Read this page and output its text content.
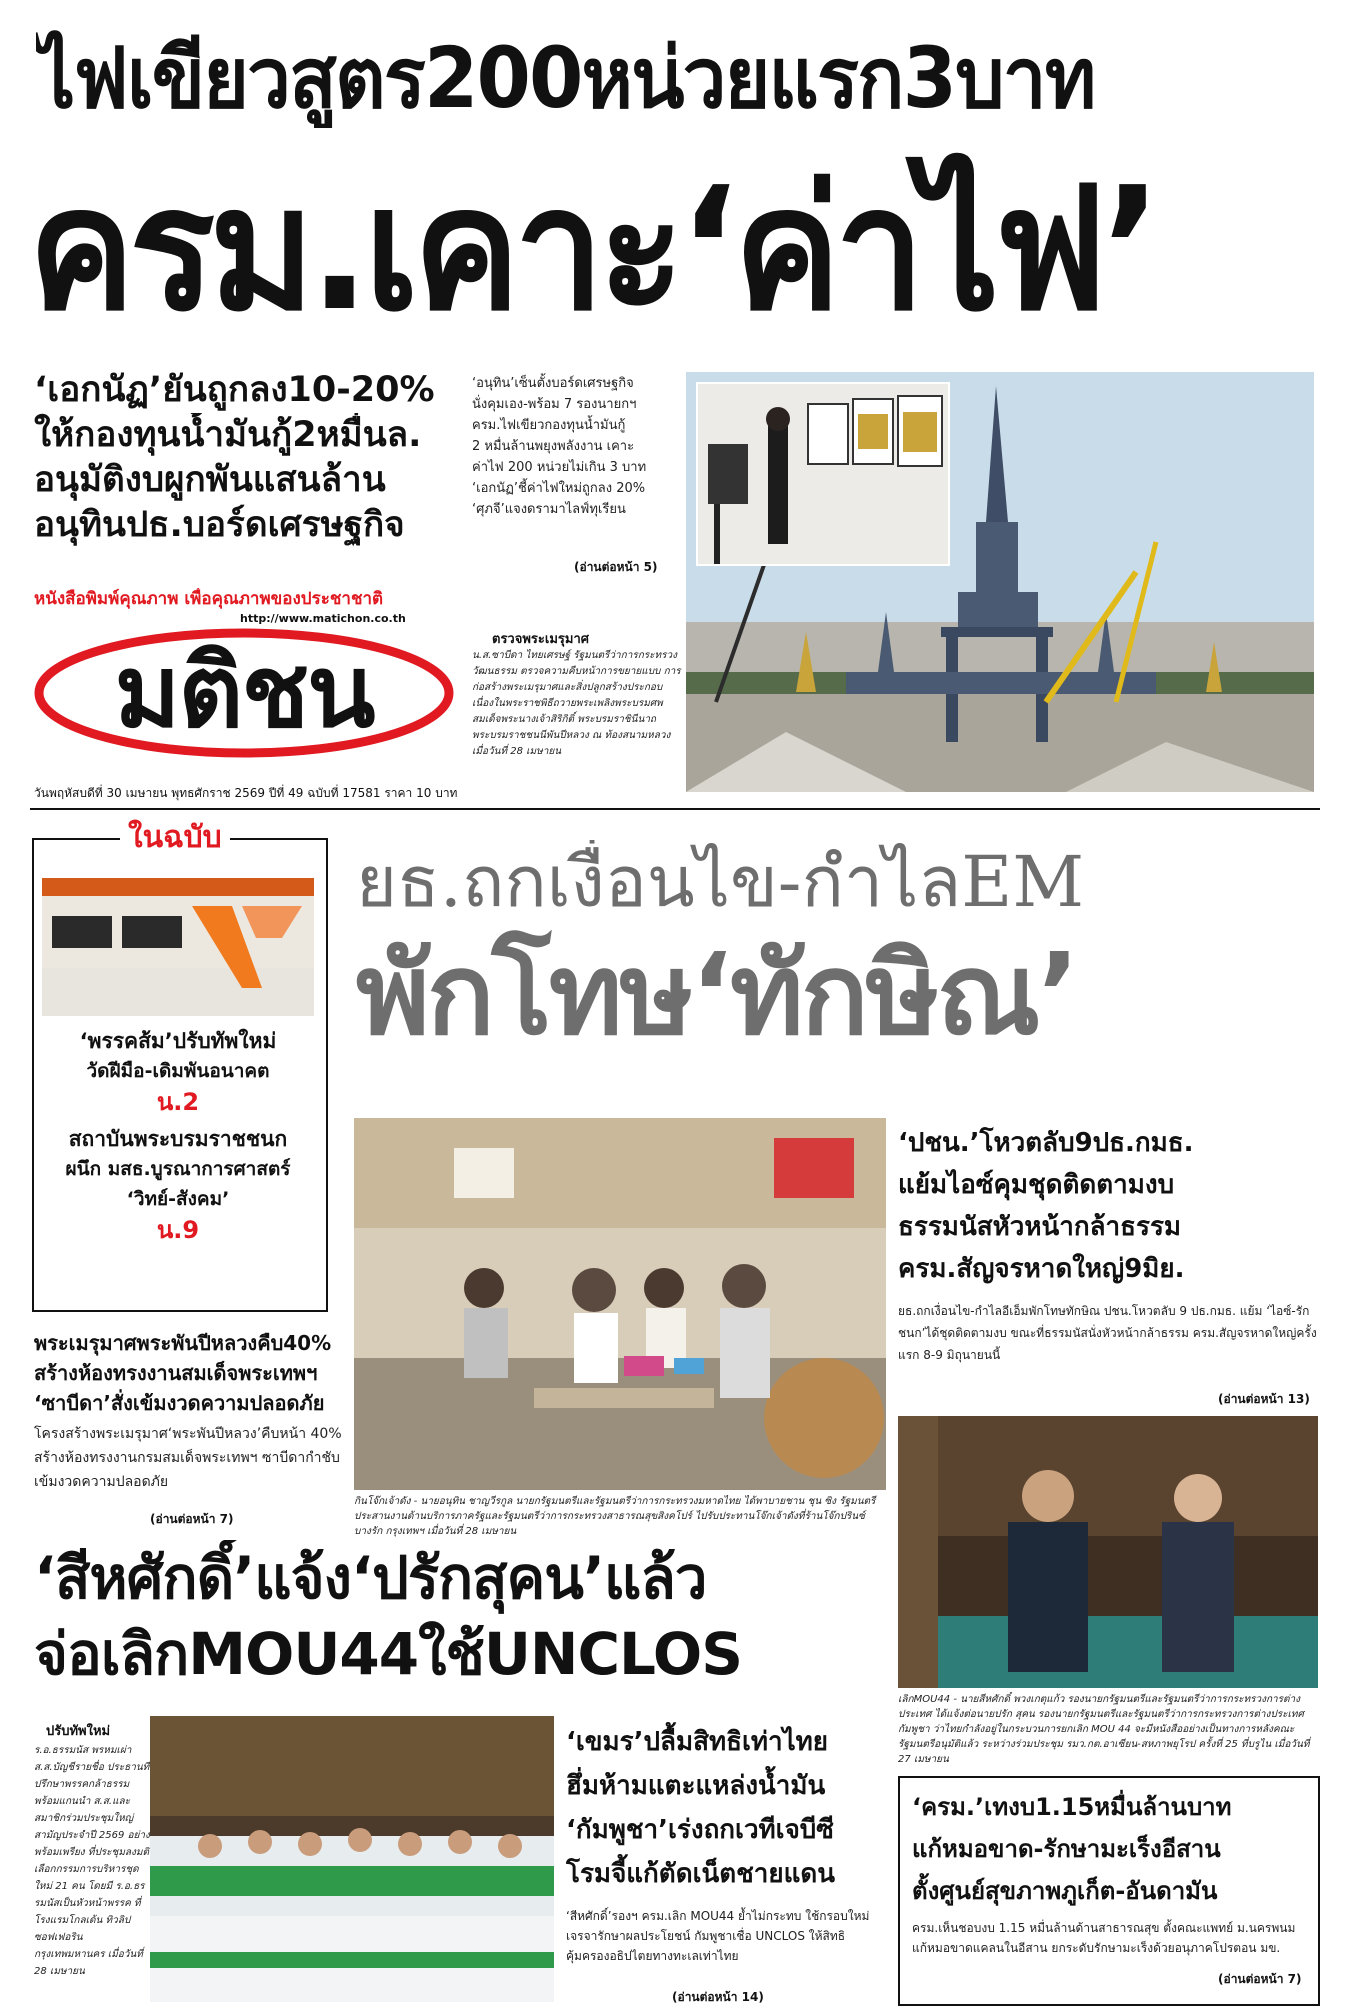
ไฟเขียวสูตร200หน่วยแรก3บาท
ครม.เคาะ‘ค่าไฟ’
‘เอกนัฏ’ยันถูกลง10-20%
ให้กองทุนน้ำมันกู้2หมื่นล.
อนุมัติงบผูกพันแสนล้าน
อนุทินปธ.บอร์ดเศรษฐกิจ
หนังสือพิมพ์คุณภาพ เพื่อคุณภาพของประชาชาติ
http://www.matichon.co.th
มติชน
วันพฤหัสบดีที่ 30 เมษายน พุทธศักราช 2569 ปีที่ 49 ฉบับที่ 17581 ราคา 10 บาท
‘อนุทิน’เซ็นตั้งบอร์ดเศรษฐกิจ
นั่งคุมเอง-พร้อม 7 รองนายกฯ
ครม.ไฟเขียวกองทุนน้ำมันกู้
2 หมื่นล้านพยุงพลังงาน เคาะ
ค่าไฟ 200 หน่วยไม่เกิน 3 บาท
‘เอกนัฏ’ชี้ค่าไฟใหม่ถูกลง 20%
‘ศุภจี’แจงดรามาไลฟ์ทุเรียน
(อ่านต่อหน้า 5)
ตรวจพระเมรุมาศ
น.ส.ซาบีดา ไทยเศรษฐ์ รัฐมนตรีว่าการกระทรวงวัฒนธรรม ตรวจความคืบหน้าการขยายแบบ การก่อสร้างพระเมรุมาศและสิ่งปลูกสร้างประกอบ เนื่องในพระราชพิธีถวายพระเพลิงพระบรมศพ สมเด็จพระนางเจ้าสิริกิติ์ พระบรมราชินีนาถ พระบรมราชชนนีพันปีหลวง ณ ท้องสนามหลวง เมื่อวันที่ 28 เมษายน
ในฉบับ
‘พรรคส้ม’ปรับทัพใหม่
วัดฝีมือ-เดิมพันอนาคต
น.2
สถาบันพระบรมราชชนก
ผนึก มสธ.บูรณาการศาสตร์
‘วิทย์-สังคม’
น.9
ยธ.ถกเงื่อนไข-กำไลEM
พักโทษ‘ทักษิณ’
พระเมรุมาศพระพันปีหลวงคืบ40%
สร้างห้องทรงงานสมเด็จพระเทพฯ
‘ซาบีดา’สั่งเข้มงวดความปลอดภัย
โครงสร้างพระเมรุมาศ‘พระพันปีหลวง’คืบหน้า 40% สร้างห้องทรงงานกรมสมเด็จพระเทพฯ ซาบีดากำชับเข้มงวดความปลอดภัย
(อ่านต่อหน้า 7)
กินโจ๊กเจ้าดัง - นายอนุทิน ชาญวีรกูล นายกรัฐมนตรีและรัฐมนตรีว่าการกระทรวงมหาดไทย ได้พาบายชาน ชุน ซิง รัฐมนตรีประสานงานด้านบริการภาครัฐและรัฐมนตรีว่าการกระทรวงสาธารณสุขสิงคโปร์ ไปรับประทานโจ๊กเจ้าดังที่ร้านโจ๊กปรินซ์ บางรัก กรุงเทพฯ เมื่อวันที่ 28 เมษายน
‘ปชน.’โหวตลับ9ปธ.กมธ.
แย้มไอซ์คุมชุดติดตามงบ
ธรรมนัสหัวหน้ากล้าธรรม
ครม.สัญจรหาดใหญ่9มิย.
ยธ.ถกเงื่อนไข-กำไลอีเอ็มพักโทษทักษิณ ปชน.โหวตลับ 9 ปธ.กมธ. แย้ม ‘ไอซ์-รักชนก’ได้ชุดติดตามงบ ขณะที่ธรรมนัสนั่งหัวหน้ากล้าธรรม ครม.สัญจรหาดใหญ่ครั้งแรก 8-9 มิถุนายนนี้
(อ่านต่อหน้า 13)
เลิกMOU44 - นายสีหศักดิ์ พวงเกตุแก้ว รองนายกรัฐมนตรีและรัฐมนตรีว่าการกระทรวงการต่างประเทศ ได้แจ้งต่อนายปรัก สุคน รองนายกรัฐมนตรีและรัฐมนตรีว่าการกระทรวงการต่างประเทศกัมพูชา ว่าไทยกำลังอยู่ในกระบวนการยกเลิก MOU 44 จะมีหนังสืออย่างเป็นทางการหลังคณะรัฐมนตรีอนุมัติแล้ว ระหว่างร่วมประชุม รมว.กต.อาเซียน-สหภาพยุโรป ครั้งที่ 25 ที่บรูไน เมื่อวันที่ 27 เมษายน
‘สีหศักดิ์’แจ้ง‘ปรักสุคน’แล้ว
จ่อเลิกMOU44ใช้UNCLOS
ปรับทัพใหม่
ร.อ.ธรรมนัส พรหมเผ่า ส.ส.บัญชีรายชื่อ ประธานที่ปรึกษาพรรคกล้าธรรม พร้อมแกนนำ ส.ส.และสมาชิกร่วมประชุมใหญ่สามัญประจำปี 2569 อย่างพร้อมเพรียง ที่ประชุมลงมติเลือกกรรมการบริหารชุดใหม่ 21 คน โดยมี ร.อ.ธรรมนัสเป็นหัวหน้าพรรค ที่โรงแรมโกลเด้น ทิวลิป ซอฟเฟอริน กรุงเทพมหานคร เมื่อวันที่ 28 เมษายน
‘เขมร’ปลื้มสิทธิเท่าไทย
ฮึ่มห้ามแตะแหล่งน้ำมัน
‘กัมพูชา’เร่งถกเวทีเจบีซี
โรมจี้แก้ตัดเน็ตชายแดน
‘สีหศักดิ์’รองฯ ครม.เลิก MOU44 ย้ำไม่กระทบ ใช้กรอบใหม่เจรจารักษาผลประโยชน์ กัมพูชาเชื่อ UNCLOS ให้สิทธิคุ้มครองอธิปไตยทางทะเลเท่าไทย
(อ่านต่อหน้า 14)
‘ครม.’เทงบ1.15หมื่นล้านบาท
แก้หมอขาด-รักษามะเร็งอีสาน
ตั้งศูนย์สุขภาพภูเก็ต-อันดามัน
ครม.เห็นชอบงบ 1.15 หมื่นล้านด้านสาธารณสุข ตั้งคณะแพทย์ ม.นครพนม แก้หมอขาดแคลนในอีสาน ยกระดับรักษามะเร็งด้วยอนุภาคโปรตอน มข.
(อ่านต่อหน้า 7)
